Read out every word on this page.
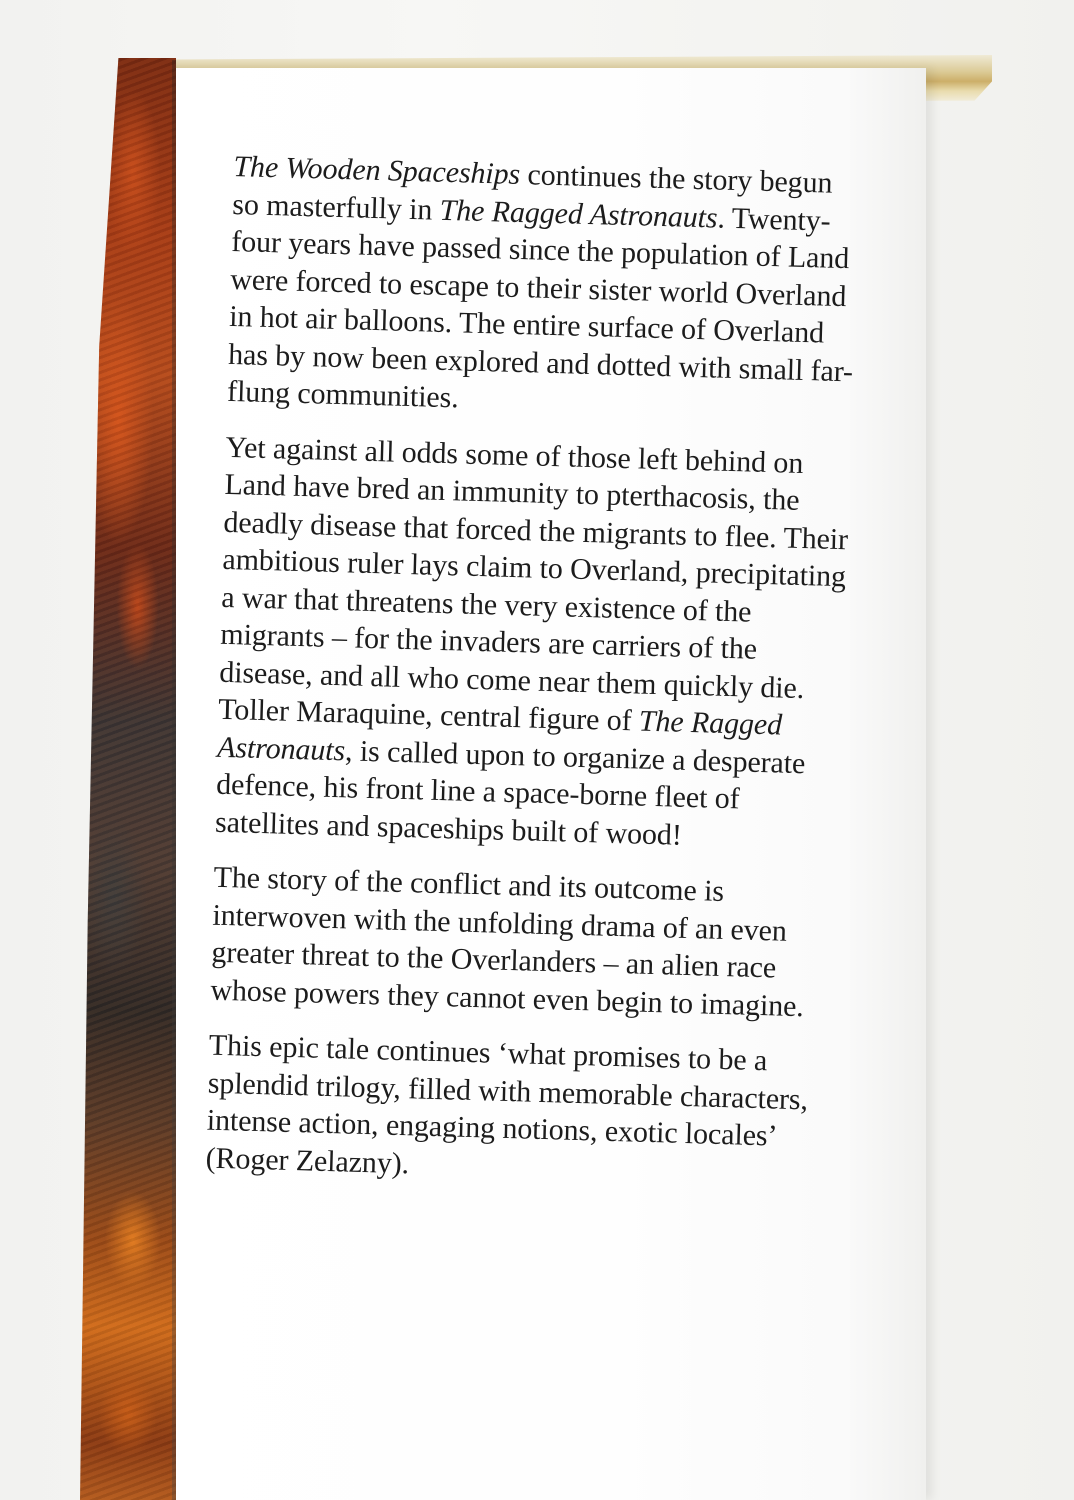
The Wooden Spaceships continues the story begun so masterfully in The Ragged Astronauts. Twenty-four years have passed since the population of Land were forced to escape to their sister world Overland in hot air balloons. The entire surface of Overland has by now been explored and dotted with small far-flung communities.

Yet against all odds some of those left behind on Land have bred an immunity to pterthacosis, the deadly disease that forced the migrants to flee. Their ambitious ruler lays claim to Overland, precipitating a war that threatens the very existence of the migrants – for the invaders are carriers of the disease, and all who come near them quickly die. Toller Maraquine, central figure of The Ragged Astronauts, is called upon to organize a desperate defence, his front line a space-borne fleet of satellites and spaceships built of wood!

The story of the conflict and its outcome is interwoven with the unfolding drama of an even greater threat to the Overlanders – an alien race whose powers they cannot even begin to imagine.

This epic tale continues ‘what promises to be a splendid trilogy, filled with memorable characters, intense action, engaging notions, exotic locales’ (Roger Zelazny).
